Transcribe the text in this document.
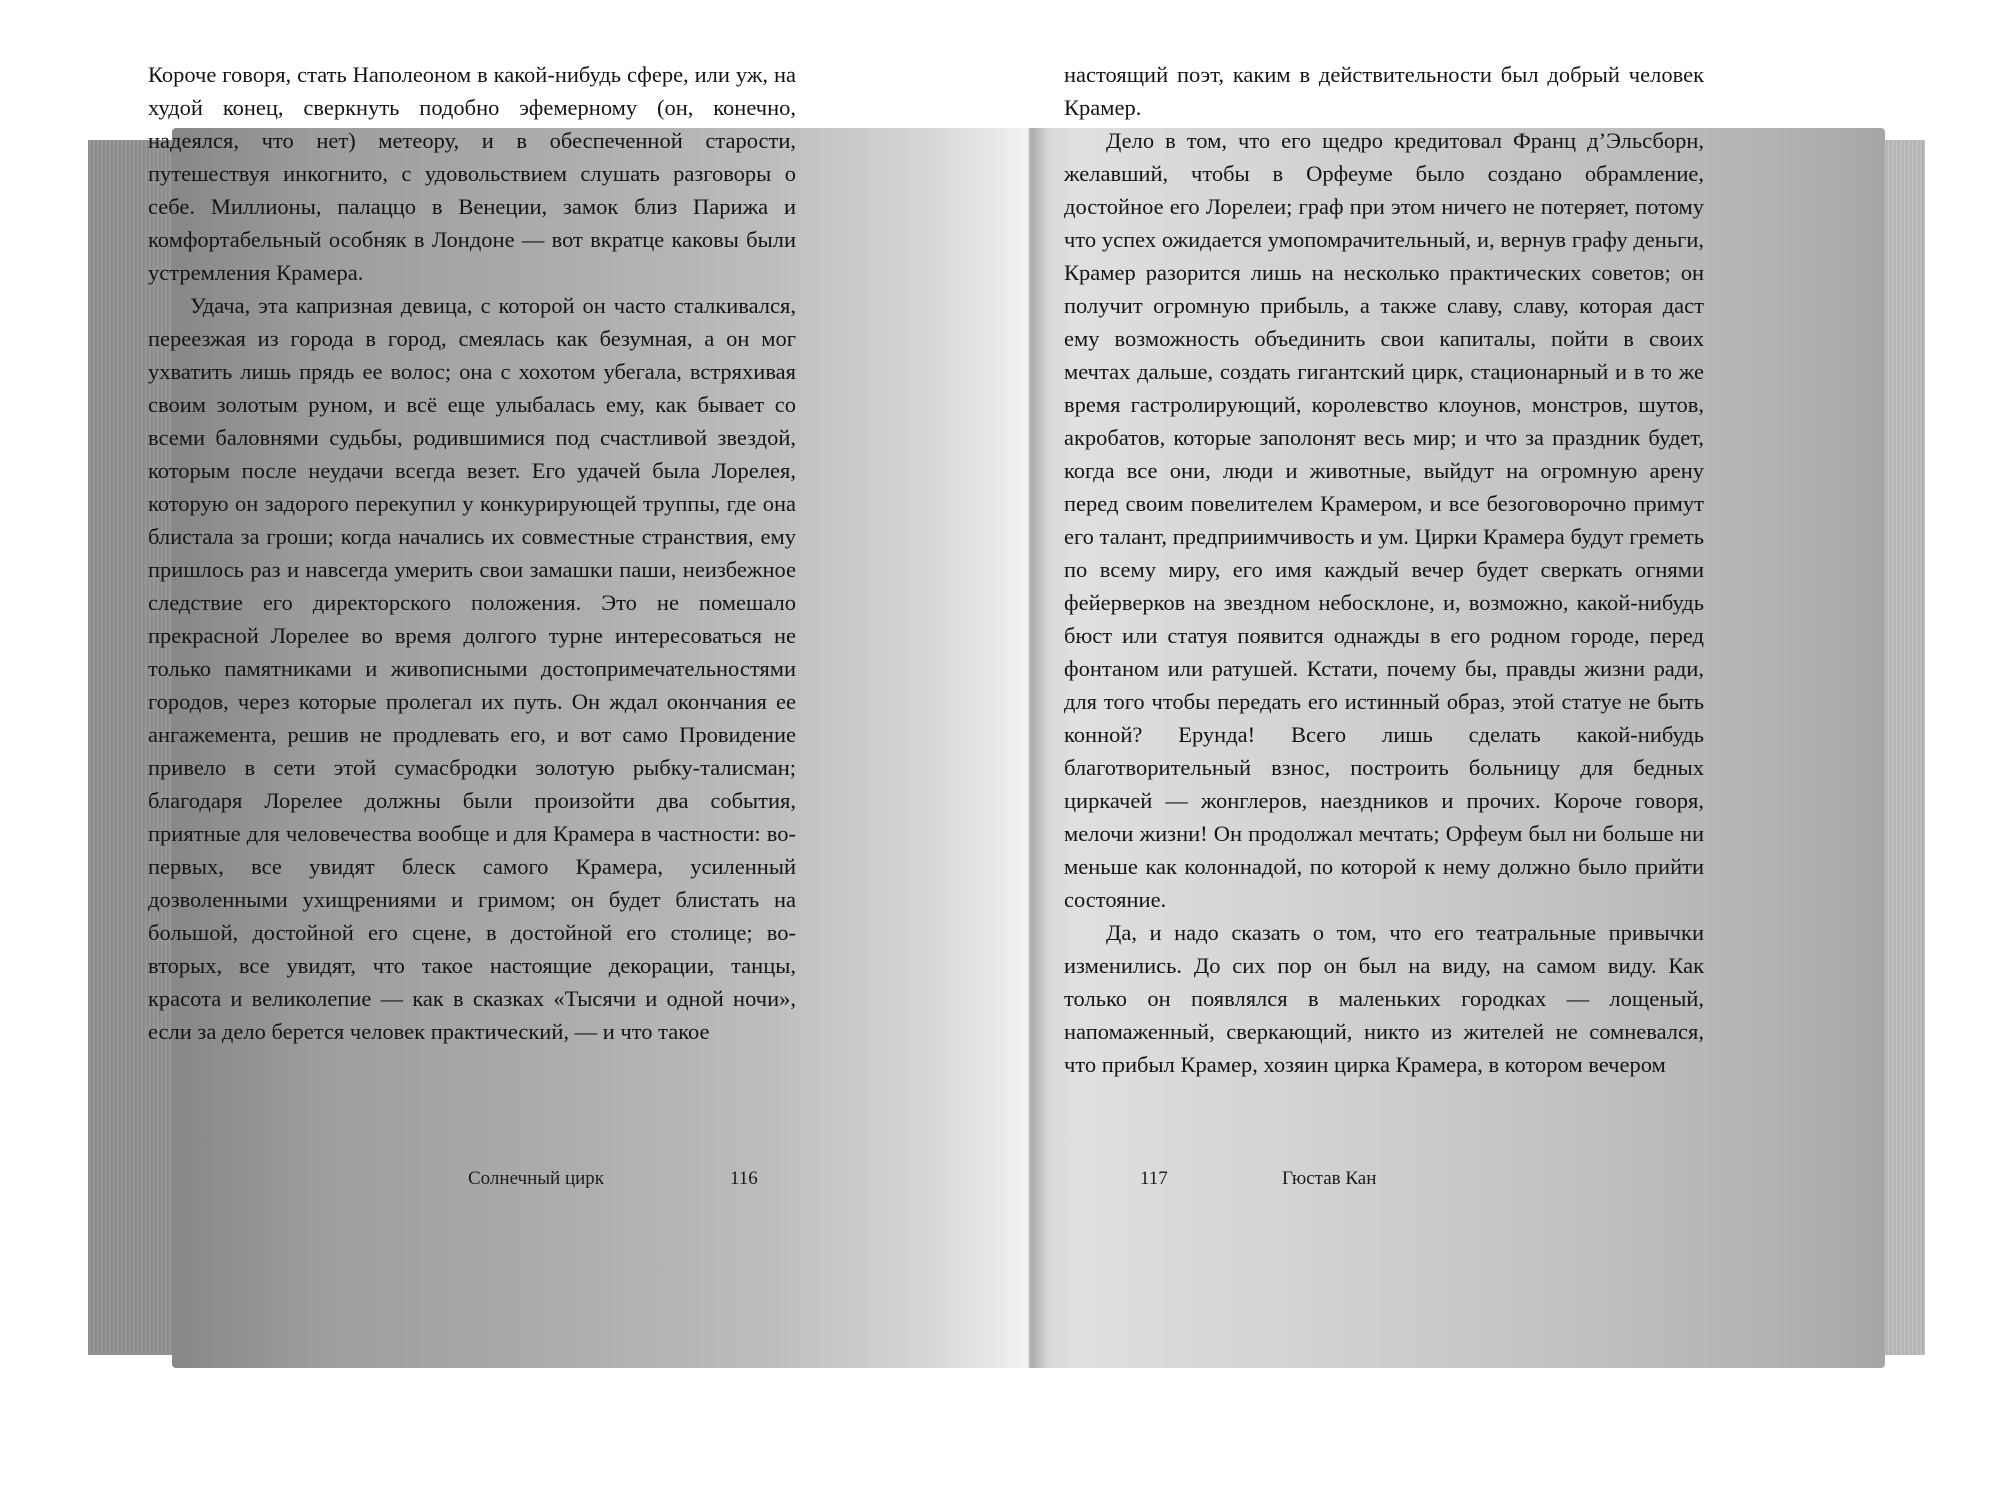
Короче говоря, стать Наполеоном в какой-нибудь сфере, или уж, на худой конец, сверкнуть подобно эфемерному (он, конечно, надеялся, что нет) метеору, и в обеспеченной старости, путешествуя инкогнито, с удовольствием слушать разговоры о себе. Миллионы, палаццо в Венеции, замок близ Парижа и комфортабельный особняк в Лондоне — вот вкратце каковы были устремления Крамера.

Удача, эта капризная девица, с которой он часто сталкивался, переезжая из города в город, смеялась как безумная, а он мог ухватить лишь прядь ее волос; она с хохотом убегала, встряхивая своим золотым руном, и всё еще улыбалась ему, как бывает со всеми баловнями судьбы, родившимися под счастливой звездой, которым после неудачи всегда везет. Его удачей была Лорелея, которую он задорого перекупил у конкурирующей труппы, где она блистала за гроши; когда начались их совместные странствия, ему пришлось раз и навсегда умерить свои замашки паши, неизбежное следствие его директорского положения. Это не помешало прекрасной Лорелее во время долгого турне интересоваться не только памятниками и живописными достопримечательностями городов, через которые пролегал их путь. Он ждал окончания ее ангажемента, решив не продлевать его, и вот само Провидение привело в сети этой сумасбродки золотую рыбку-талисман; благодаря Лорелее должны были произойти два события, приятные для человечества вообще и для Крамера в частности: во-первых, все увидят блеск самого Крамера, усиленный дозволенными ухищрениями и гримом; он будет блистать на большой, достойной его сцене, в достойной его столице; во-вторых, все увидят, что такое настоящие декорации, танцы, красота и великолепие — как в сказках «Тысячи и одной ночи», если за дело берется человек практический, — и что такое

настоящий поэт, каким в действительности был добрый человек Крамер.

Дело в том, что его щедро кредитовал Франц д’Эльсборн, желавший, чтобы в Орфеуме было создано обрамление, достойное его Лорелеи; граф при этом ничего не потеряет, потому что успех ожидается умопомрачительный, и, вернув графу деньги, Крамер разорится лишь на несколько практических советов; он получит огромную прибыль, а также славу, славу, которая даст ему возможность объединить свои капиталы, пойти в своих мечтах дальше, создать гигантский цирк, стационарный и в то же время гастролирующий, королевство клоунов, монстров, шутов, акробатов, которые заполонят весь мир; и что за праздник будет, когда все они, люди и животные, выйдут на огромную арену перед своим повелителем Крамером, и все безоговорочно примут его талант, предприимчивость и ум. Цирки Крамера будут греметь по всему миру, его имя каждый вечер будет сверкать огнями фейерверков на звездном небосклоне, и, возможно, какой-нибудь бюст или статуя появится однажды в его родном городе, перед фонтаном или ратушей. Кстати, почему бы, правды жизни ради, для того чтобы передать его истинный образ, этой статуе не быть конной? Ерунда! Всего лишь сделать какой-нибудь благотворительный взнос, построить больницу для бедных циркачей — жонглеров, наездников и прочих. Короче говоря, мелочи жизни! Он продолжал мечтать; Орфеум был ни больше ни меньше как колоннадой, по которой к нему должно было прийти состояние.

Да, и надо сказать о том, что его театральные привычки изменились. До сих пор он был на виду, на самом виду. Как только он появлялся в маленьких городках — лощеный, напомаженный, сверкающий, никто из жителей не сомневался, что прибыл Крамер, хозяин цирка Крамера, в котором вечером

Солнечный цирк	116	117	Гюстав Кан
